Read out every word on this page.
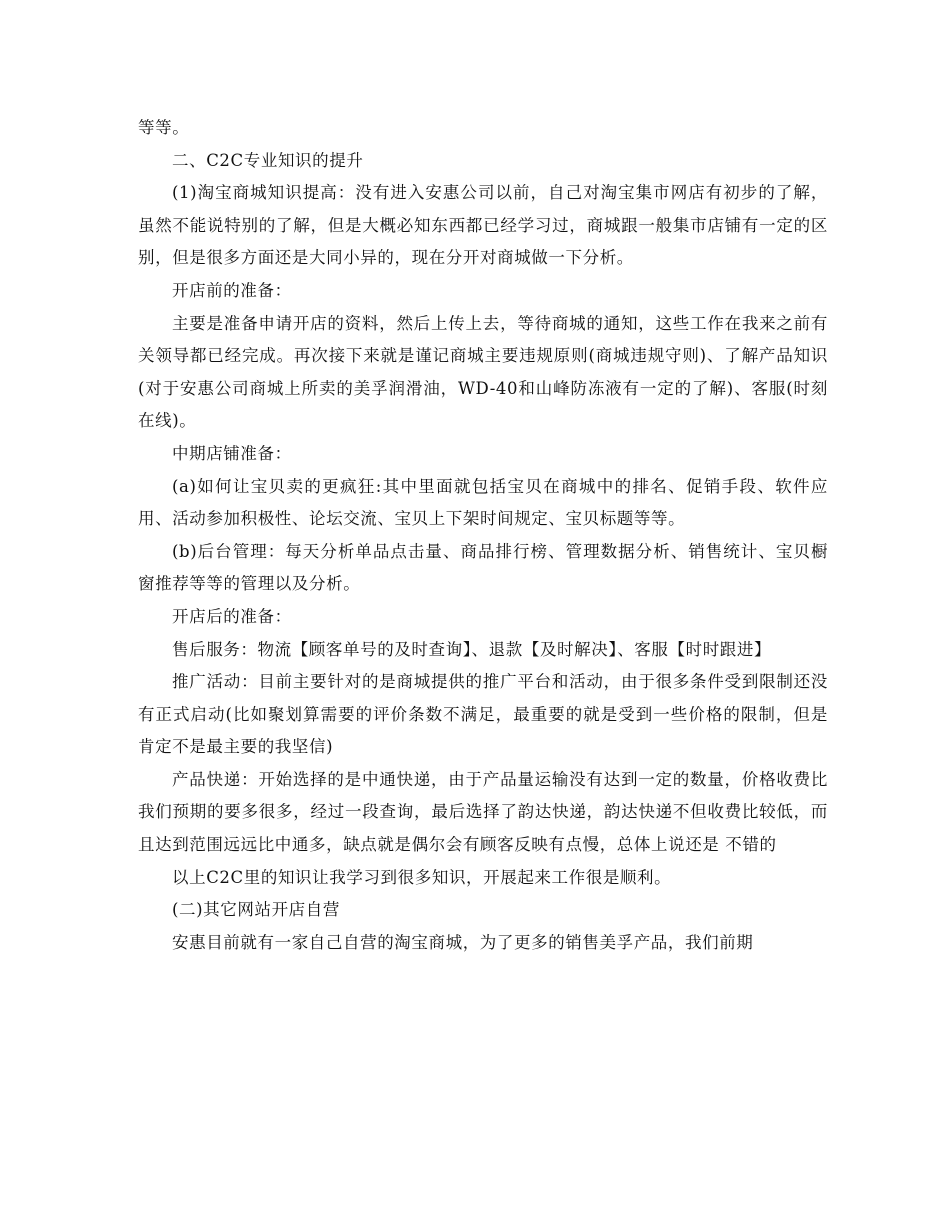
等等。

二、C2C专业知识的提升

(1)淘宝商城知识提高：没有进入安惠公司以前，自己对淘宝集市网店有初步的了解，虽然不能说特别的了解，但是大概必知东西都已经学习过，商城跟一般集市店铺有一定的区别，但是很多方面还是大同小异的，现在分开对商城做一下分析。

开店前的准备：

主要是准备申请开店的资料，然后上传上去，等待商城的通知，这些工作在我来之前有关领导都已经完成。再次接下来就是谨记商城主要违规原则(商城违规守则)、了解产品知识(对于安惠公司商城上所卖的美孚润滑油，WD-40和山峰防冻液有一定的了解)、客服(时刻在线)。

中期店铺准备：

(a)如何让宝贝卖的更疯狂:其中里面就包括宝贝在商城中的排名、促销手段、软件应用、活动参加积极性、论坛交流、宝贝上下架时间规定、宝贝标题等等。

(b)后台管理：每天分析单品点击量、商品排行榜、管理数据分析、销售统计、宝贝橱窗推荐等等的管理以及分析。

开店后的准备：

售后服务：物流【顾客单号的及时查询】、退款【及时解决】、客服【时时跟进】

推广活动：目前主要针对的是商城提供的推广平台和活动，由于很多条件受到限制还没有正式启动(比如聚划算需要的评价条数不满足，最重要的就是受到一些价格的限制，但是肯定不是最主要的我坚信)

产品快递：开始选择的是中通快递，由于产品量运输没有达到一定的数量，价格收费比我们预期的要多很多，经过一段查询，最后选择了韵达快递，韵达快递不但收费比较低，而且达到范围远远比中通多，缺点就是偶尔会有顾客反映有点慢，总体上说还是 不错的

以上C2C里的知识让我学习到很多知识，开展起来工作很是顺利。

(二)其它网站开店自营

安惠目前就有一家自己自营的淘宝商城，为了更多的销售美孚产品，我们前期
